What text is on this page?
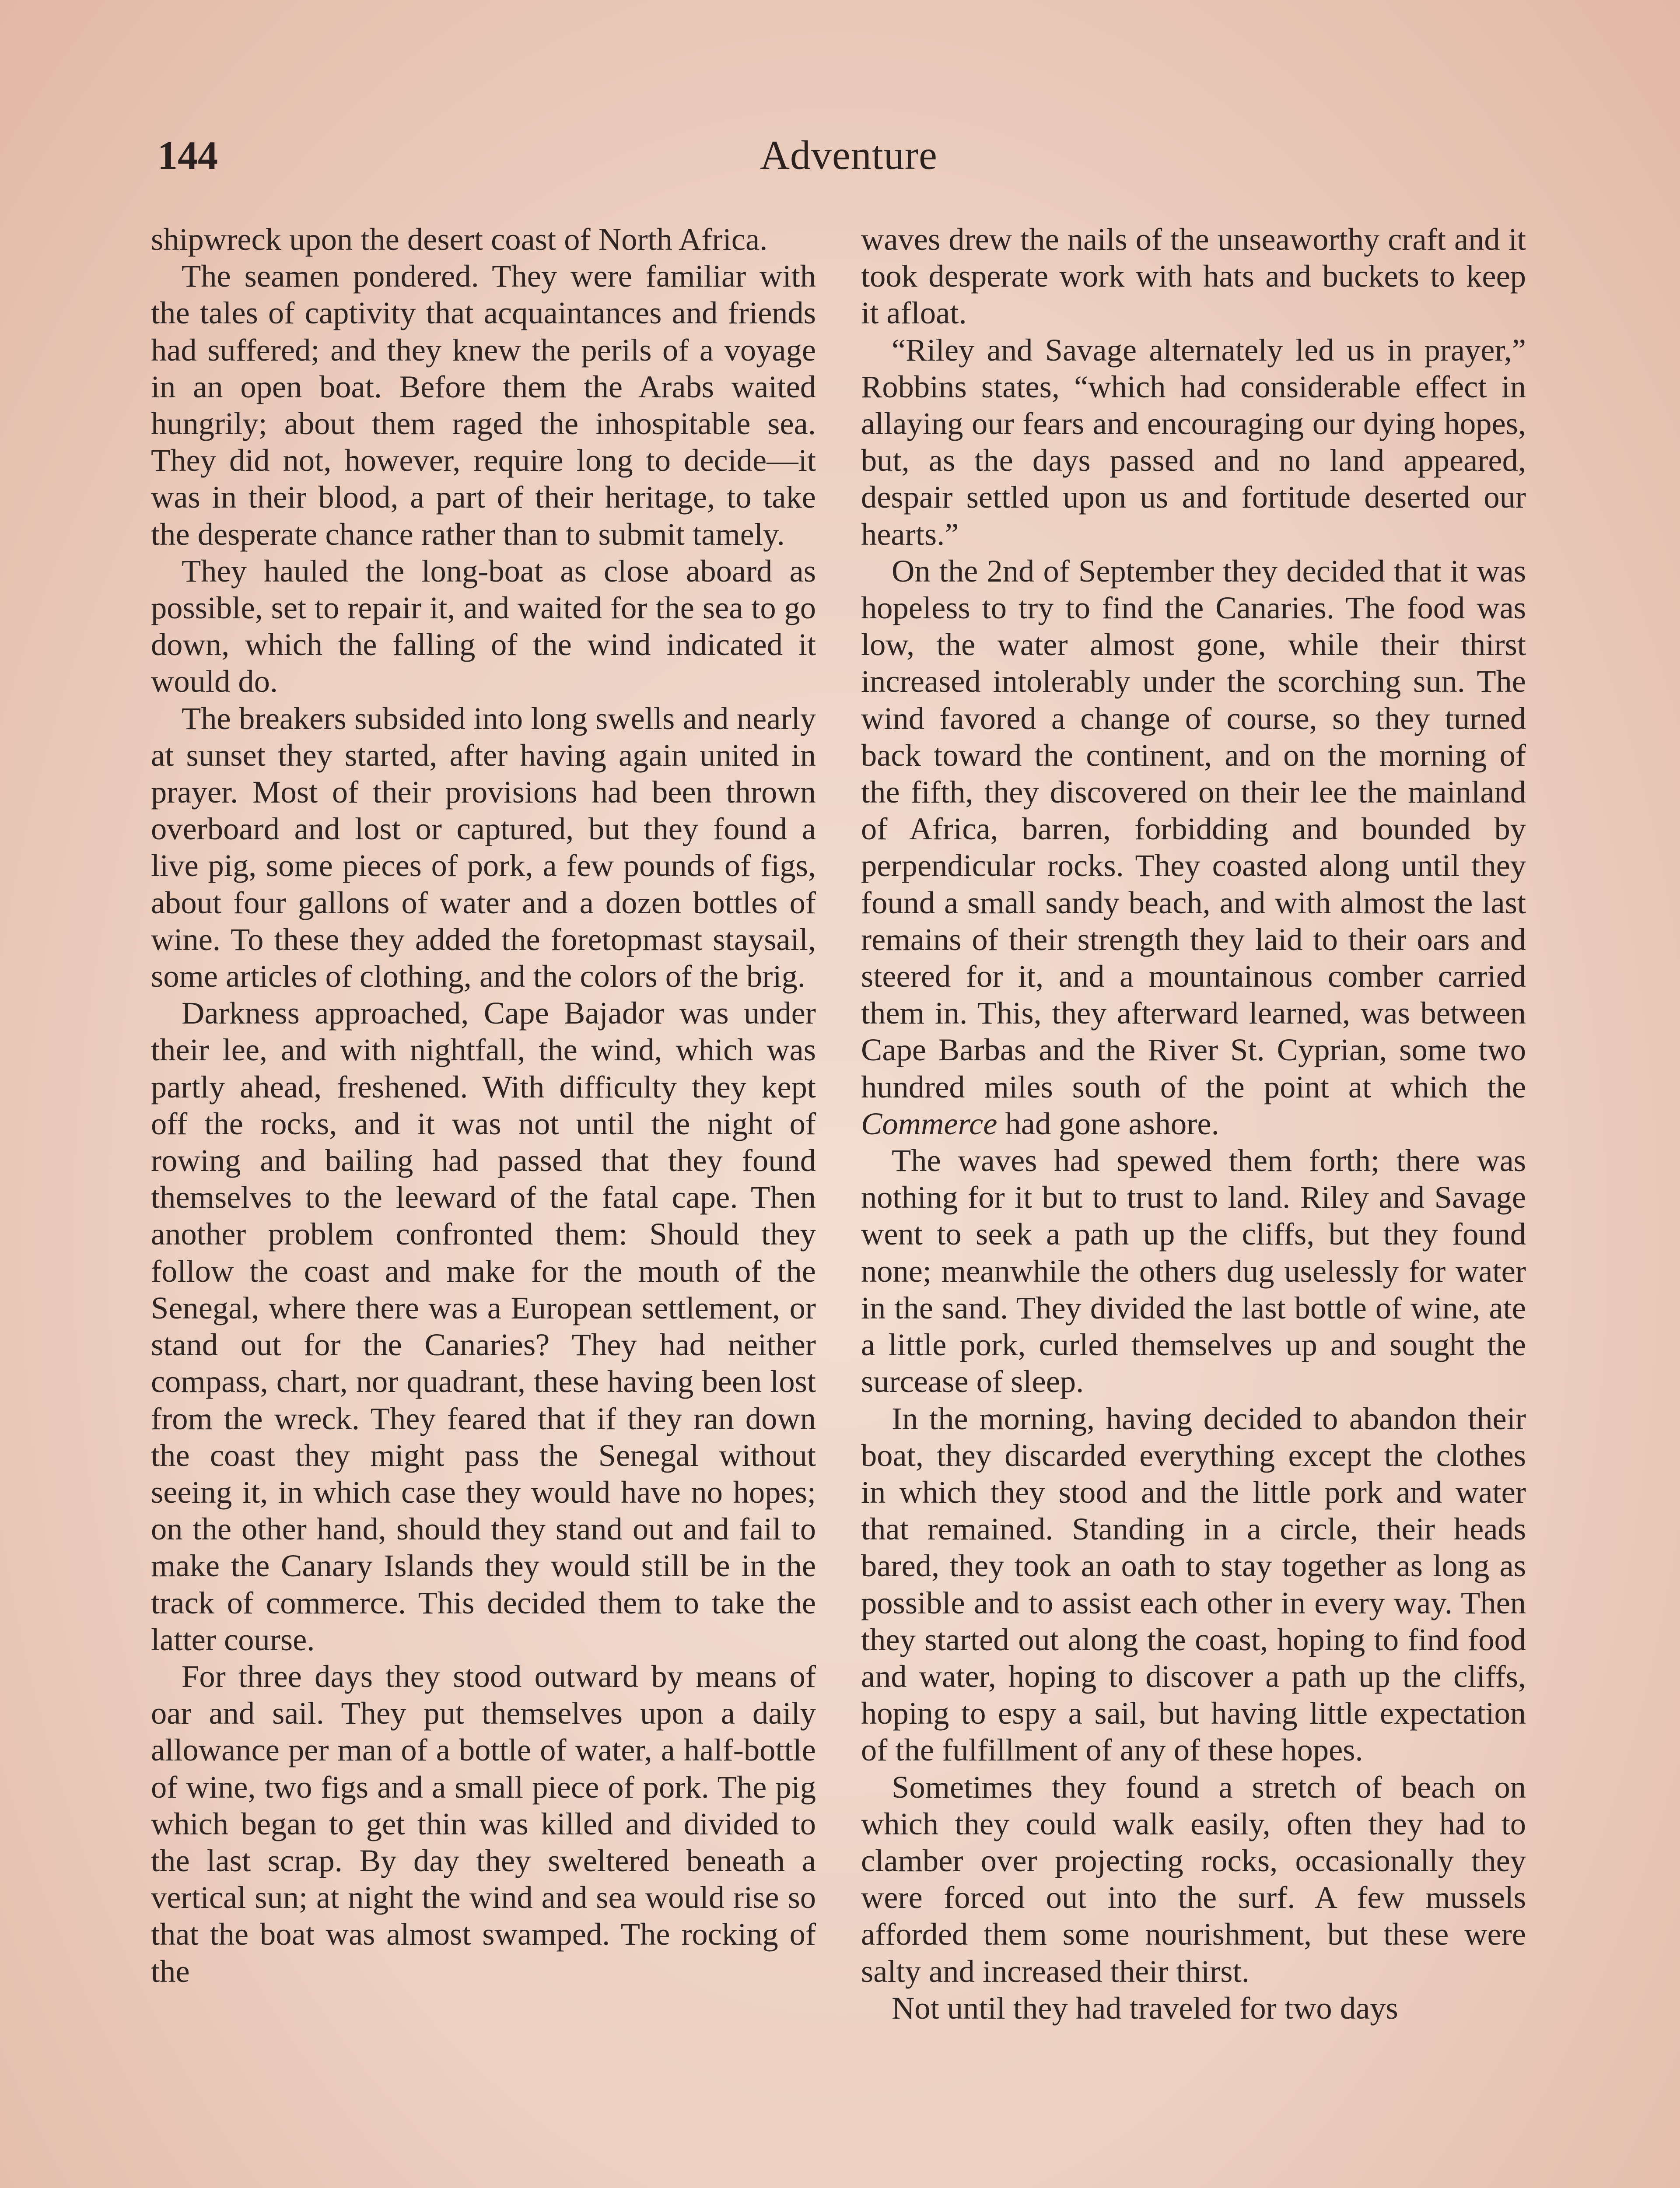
144	Adventure

shipwreck upon the desert coast of North Africa.

The seamen pondered. They were familiar with the tales of captivity that acquaintances and friends had suffered; and they knew the perils of a voyage in an open boat. Before them the Arabs waited hungrily; about them raged the inhospitable sea. They did not, however, require long to decide—it was in their blood, a part of their heritage, to take the desperate chance rather than to submit tamely.

They hauled the long-boat as close aboard as possible, set to repair it, and waited for the sea to go down, which the falling of the wind indicated it would do.

The breakers subsided into long swells and nearly at sunset they started, after having again united in prayer. Most of their provisions had been thrown overboard and lost or captured, but they found a live pig, some pieces of pork, a few pounds of figs, about four gallons of water and a dozen bottles of wine. To these they added the foretopmast staysail, some articles of clothing, and the colors of the brig.

Darkness approached, Cape Bajador was under their lee, and with nightfall, the wind, which was partly ahead, freshened. With difficulty they kept off the rocks, and it was not until the night of rowing and bailing had passed that they found themselves to the leeward of the fatal cape. Then another problem confronted them: Should they follow the coast and make for the mouth of the Senegal, where there was a European settlement, or stand out for the Canaries? They had neither compass, chart, nor quadrant, these having been lost from the wreck. They feared that if they ran down the coast they might pass the Senegal without seeing it, in which case they would have no hopes; on the other hand, should they stand out and fail to make the Canary Islands they would still be in the track of commerce. This decided them to take the latter course.

For three days they stood outward by means of oar and sail. They put themselves upon a daily allowance per man of a bottle of water, a half-bottle of wine, two figs and a small piece of pork. The pig which began to get thin was killed and divided to the last scrap. By day they sweltered beneath a vertical sun; at night the wind and sea would rise so that the boat was almost swamped. The rocking of the

waves drew the nails of the unseaworthy craft and it took desperate work with hats and buckets to keep it afloat.

“Riley and Savage alternately led us in prayer,” Robbins states, “which had considerable effect in allaying our fears and encouraging our dying hopes, but, as the days passed and no land appeared, despair settled upon us and fortitude deserted our hearts.”

On the 2nd of September they decided that it was hopeless to try to find the Canaries. The food was low, the water almost gone, while their thirst increased intolerably under the scorching sun. The wind favored a change of course, so they turned back toward the continent, and on the morning of the fifth, they discovered on their lee the mainland of Africa, barren, forbidding and bounded by perpendicular rocks. They coasted along until they found a small sandy beach, and with almost the last remains of their strength they laid to their oars and steered for it, and a mountainous comber carried them in. This, they afterward learned, was between Cape Barbas and the River St. Cyprian, some two hundred miles south of the point at which the Commerce had gone ashore.

The waves had spewed them forth; there was nothing for it but to trust to land. Riley and Savage went to seek a path up the cliffs, but they found none; meanwhile the others dug uselessly for water in the sand. They divided the last bottle of wine, ate a little pork, curled themselves up and sought the surcease of sleep.

In the morning, having decided to abandon their boat, they discarded everything except the clothes in which they stood and the little pork and water that remained. Standing in a circle, their heads bared, they took an oath to stay together as long as possible and to assist each other in every way. Then they started out along the coast, hoping to find food and water, hoping to discover a path up the cliffs, hoping to espy a sail, but having little expectation of the fulfillment of any of these hopes.

Sometimes they found a stretch of beach on which they could walk easily, often they had to clamber over projecting rocks, occasionally they were forced out into the surf. A few mussels afforded them some nourishment, but these were salty and increased their thirst.

Not until they had traveled for two days
